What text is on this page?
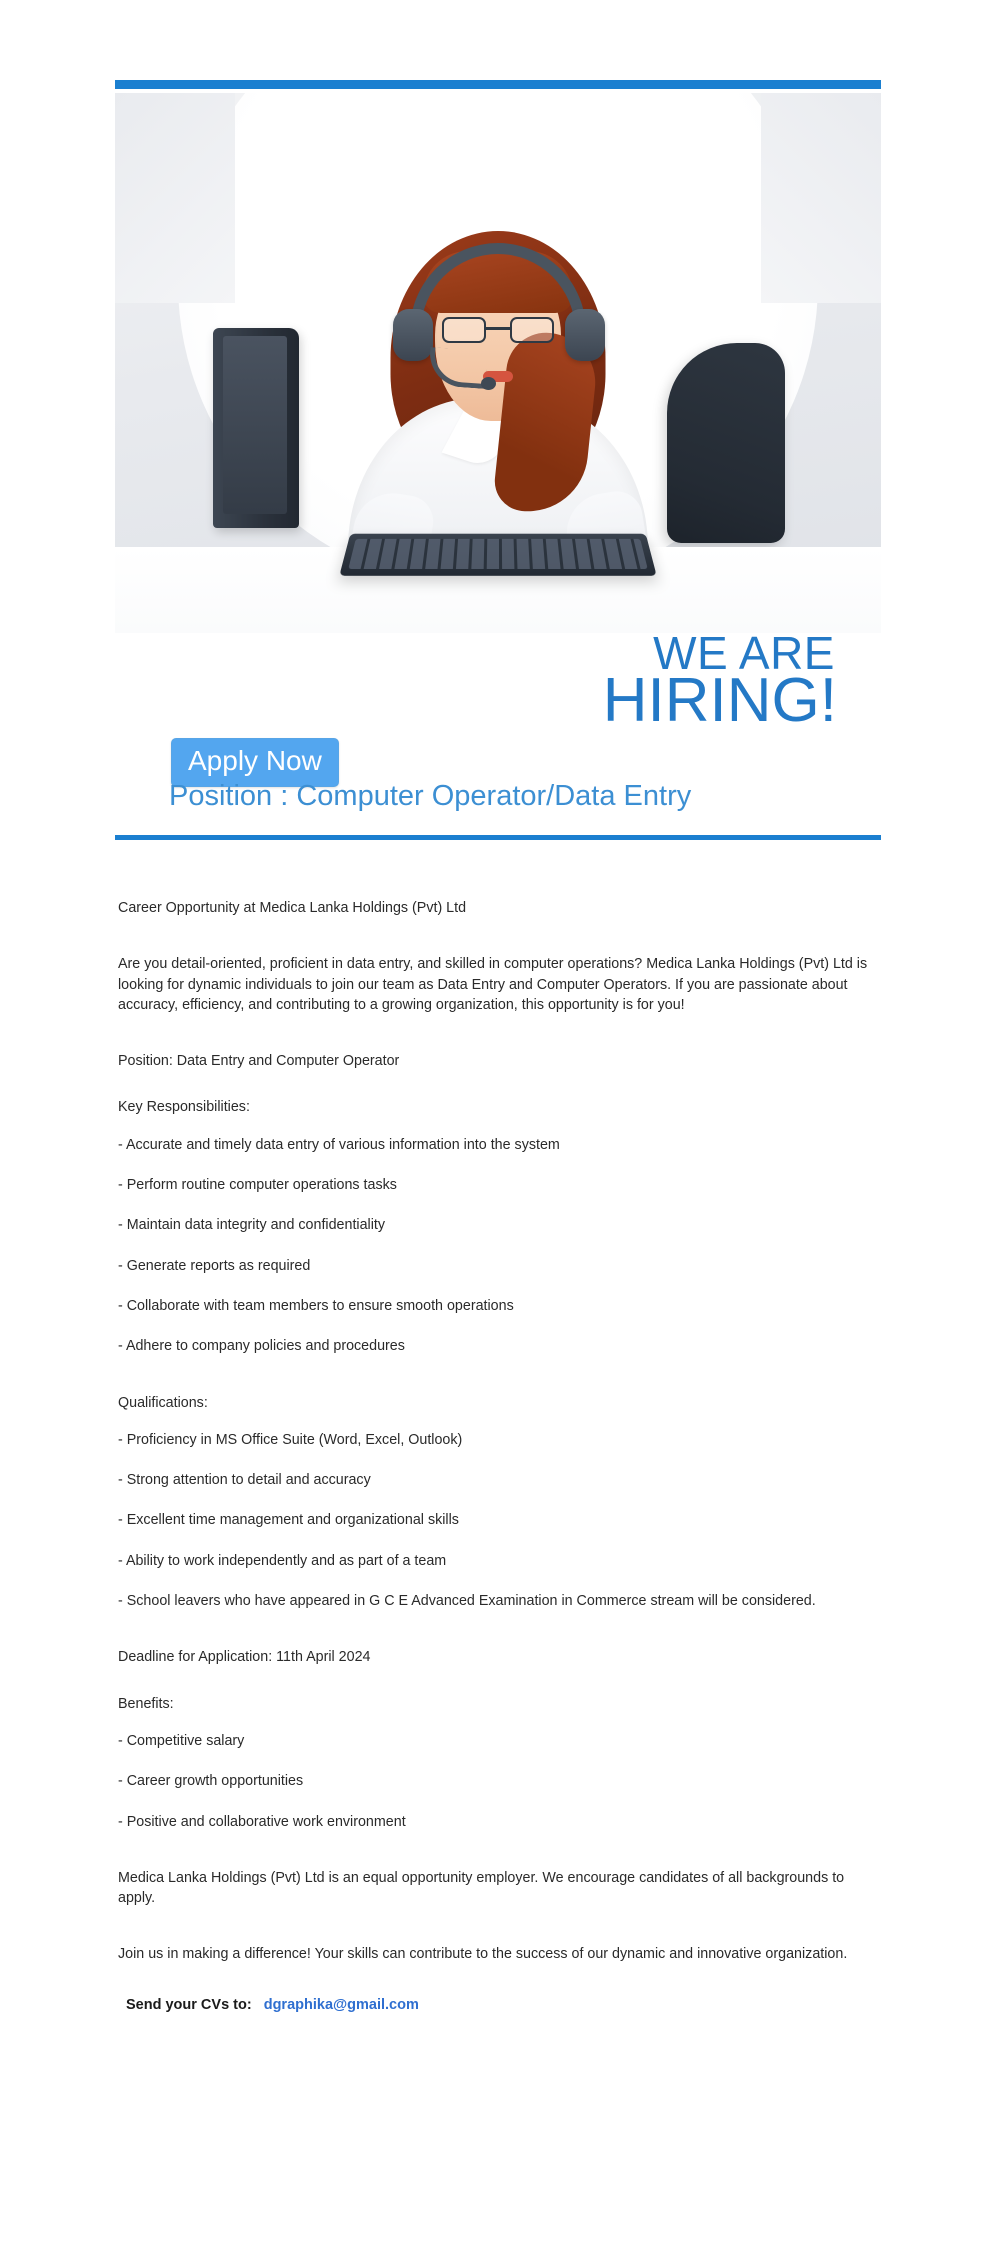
WE ARE
HIRING!
Apply Now
Position : Computer Operator/Data Entry

Career Opportunity at Medica Lanka Holdings (Pvt) Ltd

Are you detail-oriented, proficient in data entry, and skilled in computer operations? Medica Lanka Holdings (Pvt) Ltd is looking for dynamic individuals to join our team as Data Entry and Computer Operators. If you are passionate about accuracy, efficiency, and contributing to a growing organization, this opportunity is for you!

Position: Data Entry and Computer Operator

Key Responsibilities:

- Accurate and timely data entry of various information into the system

- Perform routine computer operations tasks

- Maintain data integrity and confidentiality

- Generate reports as required

- Collaborate with team members to ensure smooth operations

- Adhere to company policies and procedures

Qualifications:

- Proficiency in MS Office Suite (Word, Excel, Outlook)

- Strong attention to detail and accuracy

- Excellent time management and organizational skills

- Ability to work independently and as part of a team

- School leavers who have appeared in G C E Advanced Examination in Commerce stream will be considered.

Deadline for Application: 11th April 2024

Benefits:

- Competitive salary

- Career growth opportunities

- Positive and collaborative work environment

Medica Lanka Holdings (Pvt) Ltd is an equal opportunity employer. We encourage candidates of all backgrounds to apply.

Join us in making a difference! Your skills can contribute to the success of our dynamic and innovative organization.

Send your CVs to: dgraphika@gmail.com
